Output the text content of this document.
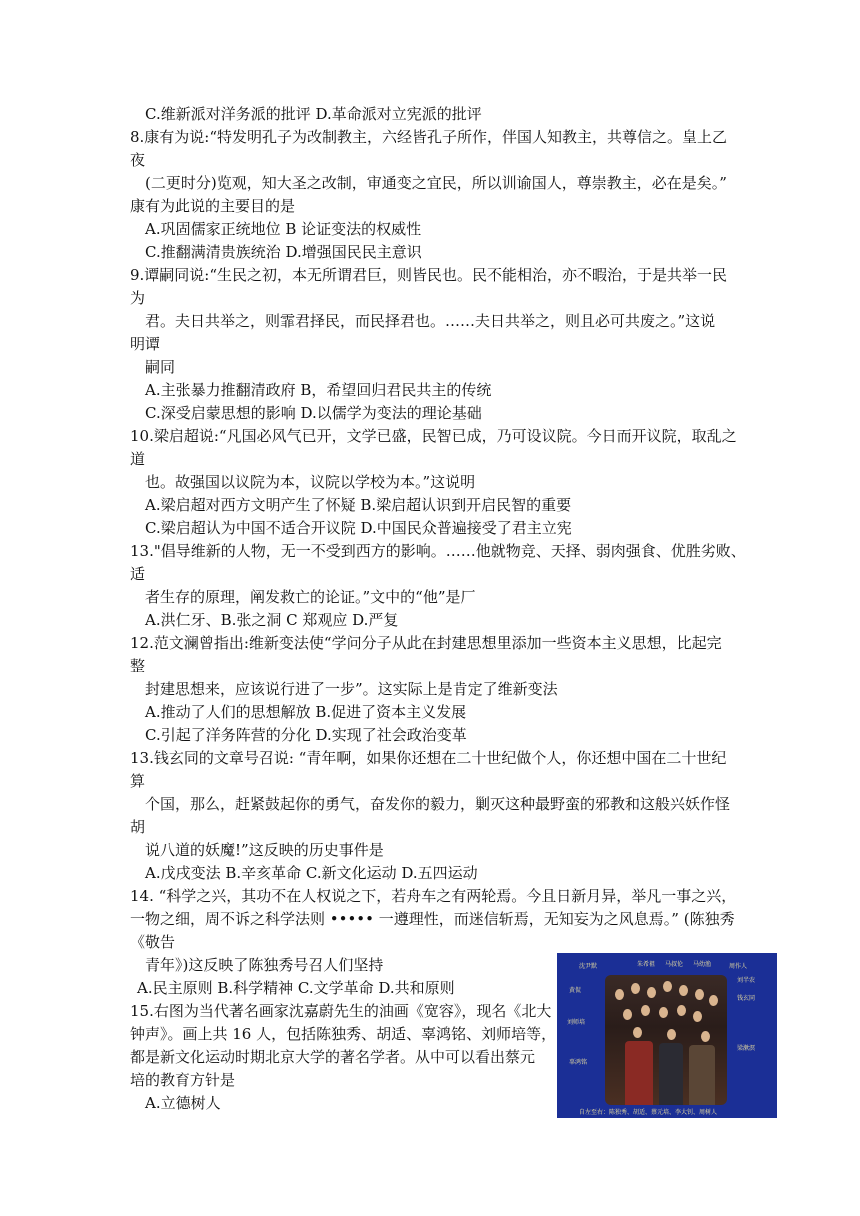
C.维新派对洋务派的批评 D.革命派对立宪派的批评
8.康有为说:“特发明孔子为改制教主，六经皆孔子所作，伴国人知教主，共尊信之。皇上乙
夜
(二更时分)览观，知大圣之改制，审通变之宜民，所以训谕国人，尊崇教主，必在是矣。”
康有为此说的主要目的是
A.巩固儒家正统地位 B 论证变法的权威性
C.推翻满清贵族统治 D.增强国民民主意识
9.谭嗣同说:“生民之初，本无所谓君巨，则皆民也。民不能相治，亦不暇治，于是共举一民
为
君。夫日共举之，则霏君择民，而民择君也。……夫日共举之，则且必可共废之。”这说
明谭
嗣同
A.主张暴力推翻清政府 B，希望回归君民共主的传统
C.深受启蒙思想的影响 D.以儒学为变法的理论基础
10.梁启超说:“凡国必风气已开，文学已盛，民智已成，乃可设议院。今日而开议院，取乱之
道
也。故强国以议院为本，议院以学校为本。”这说明
A.梁启超对西方文明产生了怀疑 B.梁启超认识到开启民智的重要
C.梁启超认为中国不适合开议院 D.中国民众普遍接受了君主立宪
13."倡导维新的人物，无一不受到西方的影响。……他就物竞、天择、弱肉强食、优胜劣败、
适
者生存的原理，阐发救亡的论证。”文中的“他”是厂
A.洪仁牙、B.张之洞 C 郑观应 D.严复
12.范文澜曾指出:维新变法使“学问分子从此在封建思想里添加一些资本主义思想，比起完
整
封建思想来，应该说行进了一步”。这实际上是肯定了维新变法
A.推动了人们的思想解放 B.促进了资本主义发展
C.引起了洋务阵营的分化 D.实现了社会政治变革
13.钱玄同的文章号召说: “青年啊，如果你还想在二十世纪做个人，你还想中国在二十世纪
算
个国，那么，赶紧鼓起你的勇气，奋发你的毅力，剿灭这种最野蛮的邪教和这般兴妖作怪
胡
说八道的妖魔!”这反映的历史事件是
A.戊戌变法 B.辛亥革命 C.新文化运动 D.五四运动
14. “科学之兴，其功不在人权说之下，若舟车之有两轮焉。今且日新月异，举凡一事之兴，
一物之细，周不诉之科学法则 ••••• 一遵理性，而迷信斩焉，无知妄为之风息焉。” (陈独秀
《敬告
青年》)这反映了陈独秀号召人们坚持
A.民主原则 B.科学精神 C.文学革命 D.共和原则
15.右图为当代著名画家沈嘉蔚先生的油画《宽容》，现名《北大
钟声》。画上共 16 人，包括陈独秀、胡适、辜鸿铭、刘师培等，
都是新文化运动时期北京大学的著名学者。从中可以看出蔡元
培的教育方针是
A.立德树人
沈尹默	朱希祖 马叔伦 马幼渔	周作人
刘半农
黄侃
钱玄同
刘师培
梁漱溟
辜鸿铭
自左至右：陈独秀、胡适、蔡元培、李大钊、周树人
